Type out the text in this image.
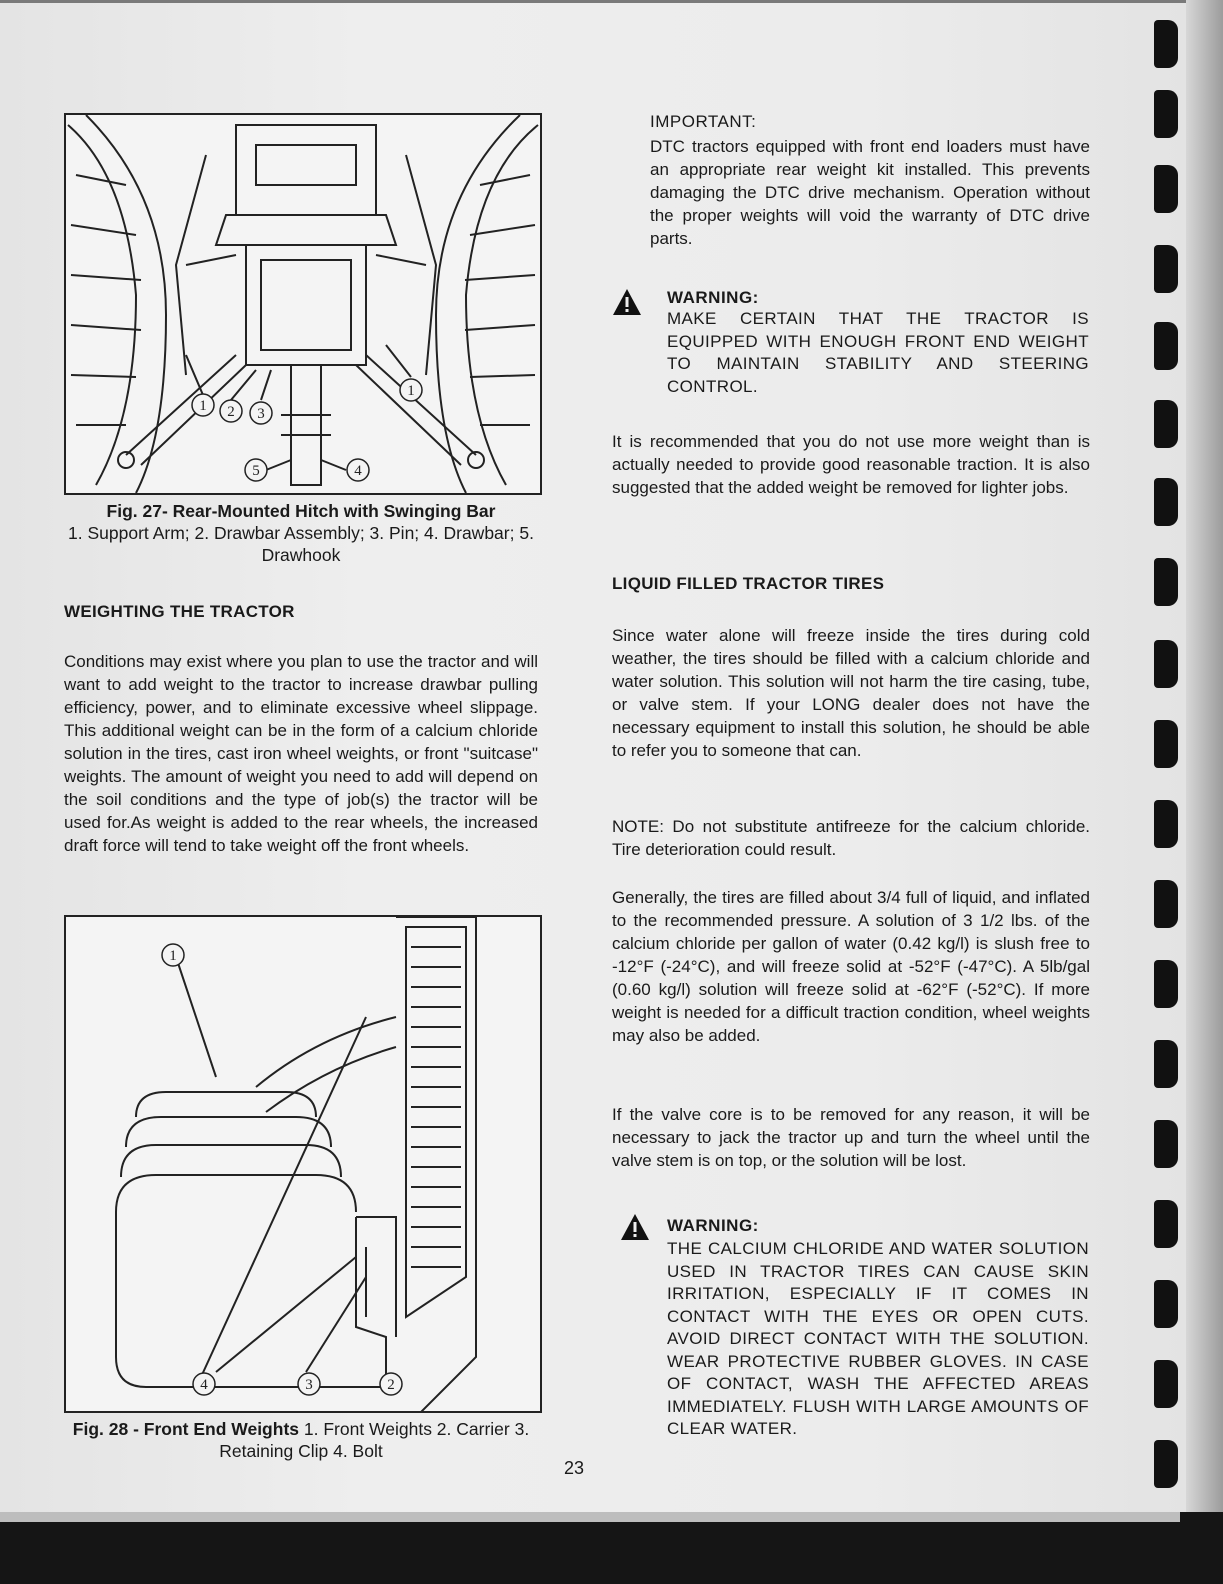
1 2 3
1
5	4
Fig. 27- Rear-Mounted Hitch with Swinging Bar
1. Support Arm; 2. Drawbar Assembly; 3. Pin; 4. Drawbar; 5. Drawhook
WEIGHTING THE TRACTOR

Conditions may exist where you plan to use the tractor and will want to add weight to the tractor to increase drawbar pulling efficiency, power, and to eliminate excessive wheel slippage. This additional weight can be in the form of a calcium chloride solution in the tires, cast iron wheel weights, or front "suitcase" weights. The amount of weight you need to add will depend on the soil conditions and the type of job(s) the tractor will be used for.As weight is added to the rear wheels, the increased draft force will tend to take weight off the front wheels.

1
4	3	2
Fig. 28 - Front End Weights 1. Front Weights 2. Carrier 3. Retaining Clip 4. Bolt
IMPORTANT:

DTC tractors equipped with front end loaders must have an appropriate rear weight kit installed. This prevents damaging the DTC drive mechanism. Operation without the proper weights will void the warranty of DTC drive parts.

WARNING:

MAKE CERTAIN THAT THE TRACTOR IS EQUIPPED WITH ENOUGH FRONT END WEIGHT TO MAINTAIN STABILITY AND STEERING CONTROL.

It is recommended that you do not use more weight than is actually needed to provide good reasonable traction. It is also suggested that the added weight be removed for lighter jobs.

LIQUID FILLED TRACTOR TIRES

Since water alone will freeze inside the tires during cold weather, the tires should be filled with a calcium chloride and water solution. This solution will not harm the tire casing, tube, or valve stem. If your LONG dealer does not have the necessary equipment to install this solution, he should be able to refer you to someone that can.

NOTE: Do not substitute antifreeze for the calcium chloride. Tire deterioration could result.

Generally, the tires are filled about 3/4 full of liquid, and inflated to the recommended pressure. A solution of 3 1/2 lbs. of the calcium chloride per gallon of water (0.42 kg/l) is slush free to -12°F (-24°C), and will freeze solid at -52°F (-47°C). A 5lb/gal (0.60 kg/l) solution will freeze solid at -62°F (-52°C). If more weight is needed for a difficult traction condition, wheel weights may also be added.

If the valve core is to be removed for any reason, it will be necessary to jack the tractor up and turn the wheel until the valve stem is on top, or the solution will be lost.

WARNING:

THE CALCIUM CHLORIDE AND WATER SOLUTION USED IN TRACTOR TIRES CAN CAUSE SKIN IRRITATION, ESPECIALLY IF IT COMES IN CONTACT WITH THE EYES OR OPEN CUTS. AVOID DIRECT CONTACT WITH THE SOLUTION. WEAR PROTECTIVE RUBBER GLOVES. IN CASE OF CONTACT, WASH THE AFFECTED AREAS IMMEDIATELY. FLUSH WITH LARGE AMOUNTS OF CLEAR WATER.

23
